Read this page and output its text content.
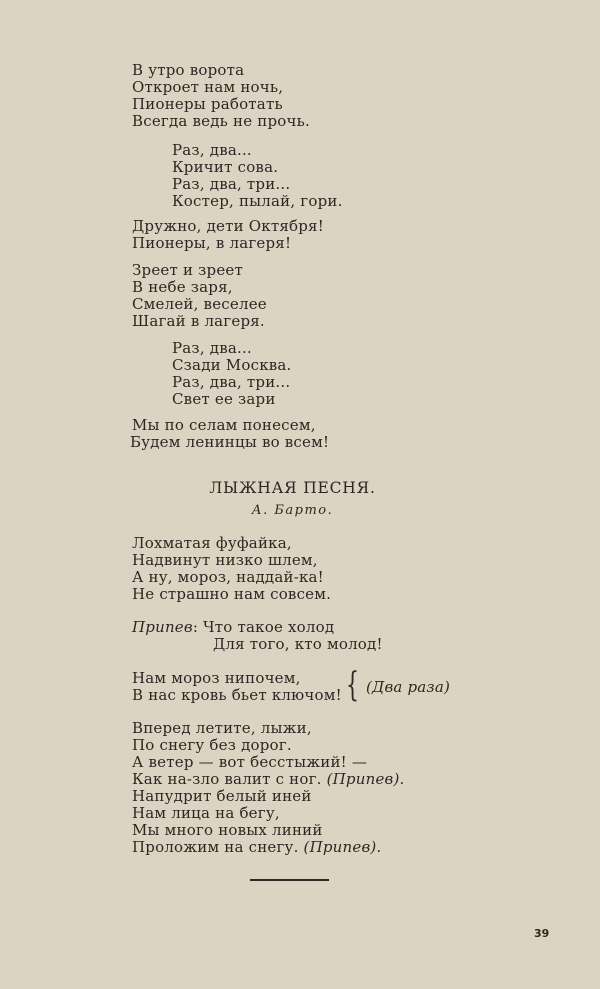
В утро ворота
Откроет нам ночь,
Пионеры работать
Всегда ведь не прочь.
Раз, два...
Кричит сова.
Раз, два, три...
Костер, пылай, гори.
Дружно, дети Октября!
Пионеры, в лагеря!
Зреет и зреет
В небе заря,
Смелей, веселее
Шагай в лагеря.
Раз, два...
Сзади Москва.
Раз, два, три...
Свет ее зари
Мы по селам понесем,
Будем ленинцы во всем!
ЛЫЖНАЯ ПЕСНЯ.
А. Барто.
Лохматая фуфайка,
Надвинут низко шлем,
А ну, мороз, наддай-ка!
Не страшно нам совсем.
Припев: Что такое холод
Для того, кто молод!
Нам мороз нипочем,
В нас кровь бьет ключом! { (Два раза)
Вперед летите, лыжи,
По снегу без дорог.
А ветер — вот бесстыжий! —
Как на-зло валит с ног. (Припев).
Напудрит белый иней
Нам лица на бегу,
Мы много новых линий
Проложим на снегу. (Припев).
39
